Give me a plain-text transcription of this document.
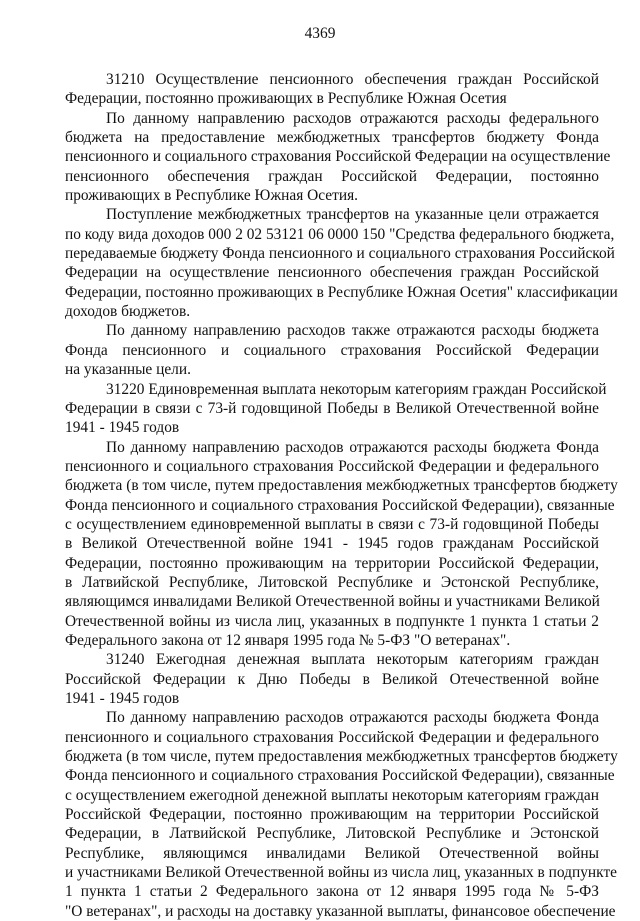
4369
31210 Осуществление пенсионного обеспечения граждан Российской
Федерации, постоянно проживающих в Республике Южная Осетия
По данному направлению расходов отражаются расходы федерального
бюджета на предоставление межбюджетных трансфертов бюджету Фонда
пенсионного и социального страхования Российской Федерации на осуществление
пенсионного обеспечения граждан Российской Федерации, постоянно
проживающих в Республике Южная Осетия.
Поступление межбюджетных трансфертов на указанные цели отражается
по коду вида доходов 000 2 02 53121 06 0000 150 "Средства федерального бюджета,
передаваемые бюджету Фонда пенсионного и социального страхования Российской
Федерации на осуществление пенсионного обеспечения граждан Российской
Федерации, постоянно проживающих в Республике Южная Осетия" классификации
доходов бюджетов.
По данному направлению расходов также отражаются расходы бюджета
Фонда пенсионного и социального страхования Российской Федерации
на указанные цели.
31220 Единовременная выплата некоторым категориям граждан Российской
Федерации в связи с 73-й годовщиной Победы в Великой Отечественной войне
1941 - 1945 годов
По данному направлению расходов отражаются расходы бюджета Фонда
пенсионного и социального страхования Российской Федерации и федерального
бюджета (в том числе, путем предоставления межбюджетных трансфертов бюджету
Фонда пенсионного и социального страхования Российской Федерации), связанные
с осуществлением единовременной выплаты в связи с 73-й годовщиной Победы
в Великой Отечественной войне 1941 - 1945 годов гражданам Российской
Федерации, постоянно проживающим на территории Российской Федерации,
в Латвийской Республике, Литовской Республике и Эстонской Республике,
являющимся инвалидами Великой Отечественной войны и участниками Великой
Отечественной войны из числа лиц, указанных в подпункте 1 пункта 1 статьи 2
Федерального закона от 12 января 1995 года № 5-ФЗ "О ветеранах".
31240 Ежегодная денежная выплата некоторым категориям граждан
Российской Федерации к Дню Победы в Великой Отечественной войне
1941 - 1945 годов
По данному направлению расходов отражаются расходы бюджета Фонда
пенсионного и социального страхования Российской Федерации и федерального
бюджета (в том числе, путем предоставления межбюджетных трансфертов бюджету
Фонда пенсионного и социального страхования Российской Федерации), связанные
с осуществлением ежегодной денежной выплаты некоторым категориям граждан
Российской Федерации, постоянно проживающим на территории Российской
Федерации, в Латвийской Республике, Литовской Республике и Эстонской
Республике, являющимся инвалидами Великой Отечественной войны
и участниками Великой Отечественной войны из числа лиц, указанных в подпункте
1 пункта 1 статьи 2 Федерального закона от 12 января 1995 года № 5-ФЗ
"О ветеранах", и расходы на доставку указанной выплаты, финансовое обеспечение
